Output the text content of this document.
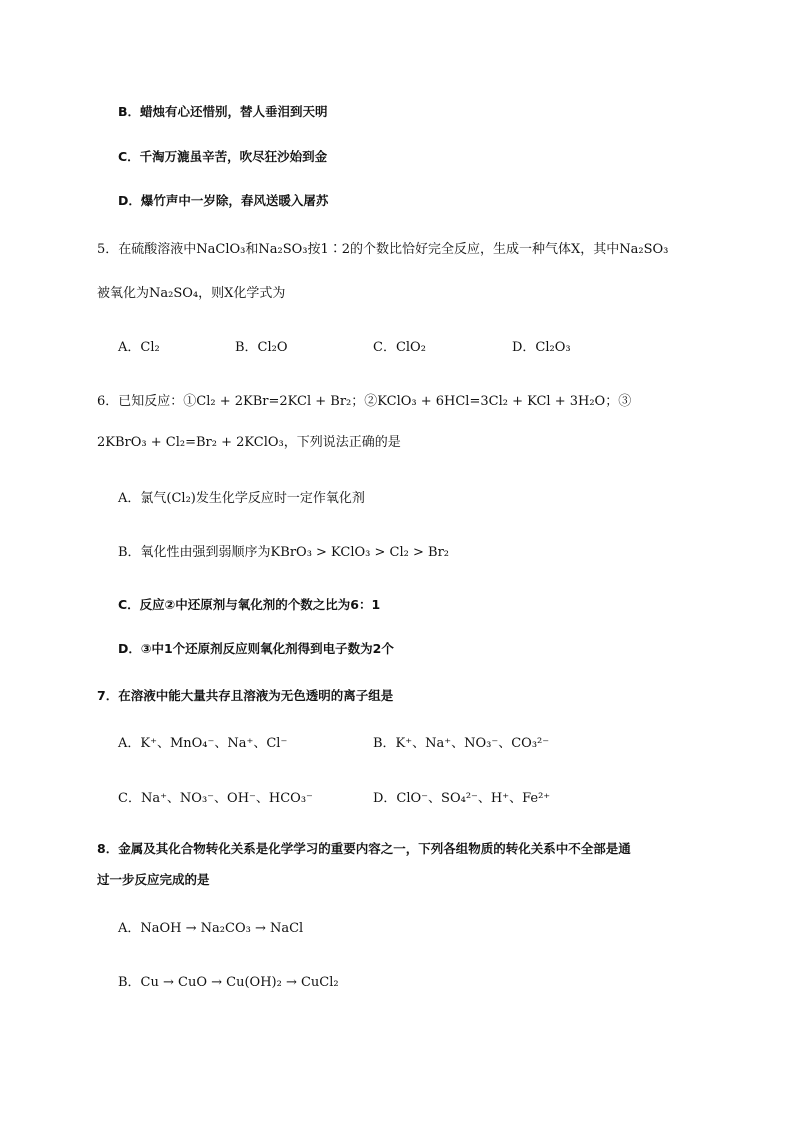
B．蜡烛有心还惜别，替人垂泪到天明
C．千淘万漉虽辛苦，吹尽狂沙始到金
D．爆竹声中一岁除，春风送暖入屠苏
5．在硫酸溶液中NaClO₃和Na₂SO₃按1∶2的个数比恰好完全反应，生成一种气体X，其中Na₂SO₃
被氧化为Na₂SO₄，则X化学式为
A．Cl₂	B．Cl₂O	C．ClO₂	D．Cl₂O₃
6．已知反应：①Cl₂ + 2KBr=2KCl + Br₂；②KClO₃ + 6HCl=3Cl₂ + KCl + 3H₂O；③
2KBrO₃ + Cl₂=Br₂ + 2KClO₃，下列说法正确的是
A．氯气(Cl₂)发生化学反应时一定作氧化剂
B．氧化性由强到弱顺序为KBrO₃ > KClO₃ > Cl₂ > Br₂
C．反应②中还原剂与氧化剂的个数之比为6：1
D．③中1个还原剂反应则氧化剂得到电子数为2个
7．在溶液中能大量共存且溶液为无色透明的离子组是
A．K⁺、MnO₄⁻、Na⁺、Cl⁻	B．K⁺、Na⁺、NO₃⁻、CO₃²⁻
C．Na⁺、NO₃⁻、OH⁻、HCO₃⁻	D．ClO⁻、SO₄²⁻、H⁺、Fe²⁺
8．金属及其化合物转化关系是化学学习的重要内容之一，下列各组物质的转化关系中不全部是通
过一步反应完成的是
A．NaOH → Na₂CO₃ → NaCl
B．Cu → CuO → Cu(OH)₂ → CuCl₂
